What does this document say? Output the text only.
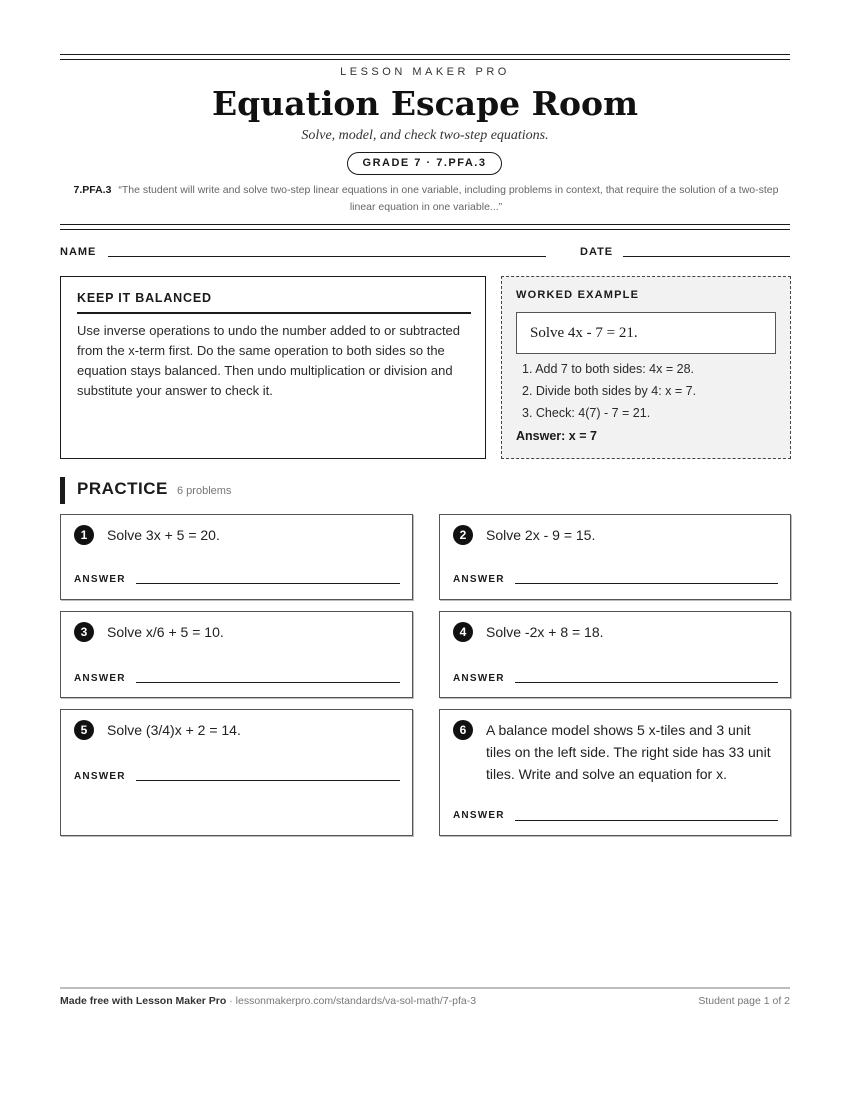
LESSON MAKER PRO
Equation Escape Room
Solve, model, and check two-step equations.
GRADE 7 · 7.PFA.3
7.PFA.3 “The student will write and solve two-step linear equations in one variable, including problems in context, that require the solution of a two-step linear equation in one variable...”
NAME	DATE
KEEP IT BALANCED
Use inverse operations to undo the number added to or subtracted from the x-term first. Do the same operation to both sides so the equation stays balanced. Then undo multiplication or division and substitute your answer to check it.
WORKED EXAMPLE
Solve 4x - 7 = 21.
1. Add 7 to both sides: 4x = 28.
2. Divide both sides by 4: x = 7.
3. Check: 4(7) - 7 = 21.
Answer: x = 7
PRACTICE 6 problems
1	Solve 3x + 5 = 20.
ANSWER
2	Solve 2x - 9 = 15.
ANSWER
3	Solve x/6 + 5 = 10.
ANSWER
4	Solve -2x + 8 = 18.
ANSWER
5	Solve (3/4)x + 2 = 14.
ANSWER
6	A balance model shows 5 x-tiles and 3 unit tiles on the left side. The right side has 33 unit tiles. Write and solve an equation for x.
ANSWER
Made free with Lesson Maker Pro · lessonmakerpro.com/standards/va-sol-math/7-pfa-3	Student page 1 of 2
